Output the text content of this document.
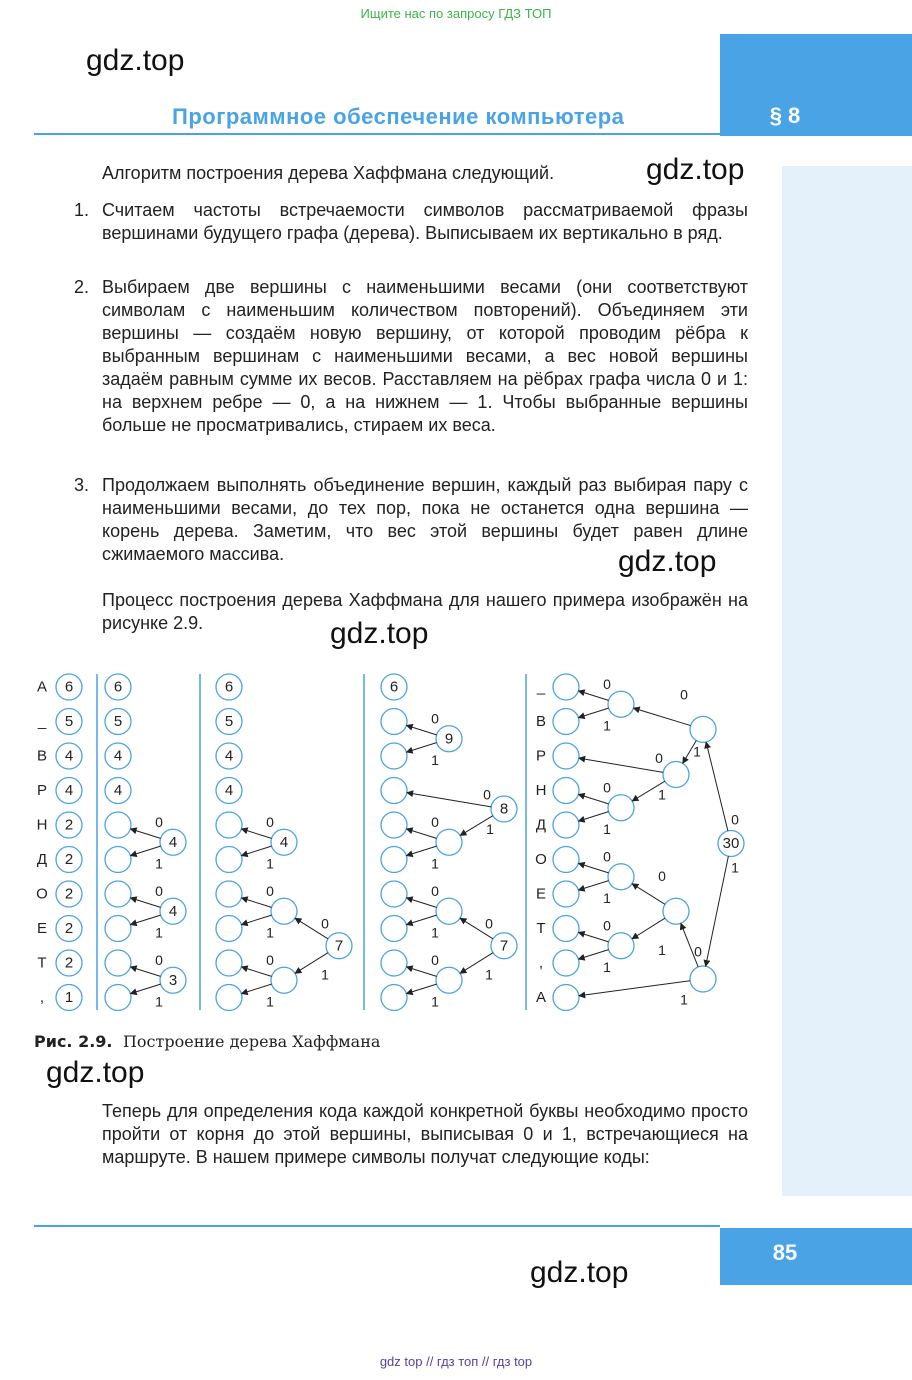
Ищите нас по запросу ГДЗ ТОП
gdz.top
§ 8
Программное обеспечение компьютера
gdz.top
Алгоритм построения дерева Хаффмана следующий.
1. Считаем частоты встречаемости символов рассматриваемой фразы вершинами будущего графа (дерева). Выписываем их вертикально в ряд.
2. Выбираем две вершины с наименьшими весами (они соответствуют символам с наименьшим количеством повторений). Объединяем эти вершины — создаём новую вершину, от которой проводим рёбра к выбранным вершинам с наименьшими весами, а вес новой вершины задаём равным сумме их весов. Расставляем на рёбрах графа числа 0 и 1: на верхнем ребре — 0, а на нижнем — 1. Чтобы выбранные вершины больше не просматривались, стираем их веса.
3. Продолжаем выполнять объединение вершин, каждый раз выбирая пару с наименьшими весами, до тех пор, пока не останется одна вершина — корень дерева. Заметим, что вес этой вершины будет равен длине сжимаемого массива.	gdz.top
Процесс построения дерева Хаффмана для нашего примера изображён на рисунке 2.9.	gdz.top
А 6
_ 5
В 4
Р 4
Н 2
Д 2
О 2
Е 2
Т 2
, 1
6
5
4
4
4
0
1
4
0
1
3
0
1
6
5
4
4
4
0
1
0
1
0
1
7
0
1
6
9
0
1
0
1
8
0
1
0
1
0
1
7
0
1
_
В
Р
Н
Д
О
Е
Т
,
А
0
1
0
1
0
1
0
1
0
1
0
1
0
1 0
1
30
0
1
Рис. 2.9. Построение дерева Хаффмана
gdz.top
Теперь для определения кода каждой конкретной буквы необходимо просто пройти от корня до этой вершины, выписывая 0 и 1, встречающиеся на маршруте. В нашем примере символы получат следующие коды:
85
gdz.top
gdz top // гдз топ // гдз top
